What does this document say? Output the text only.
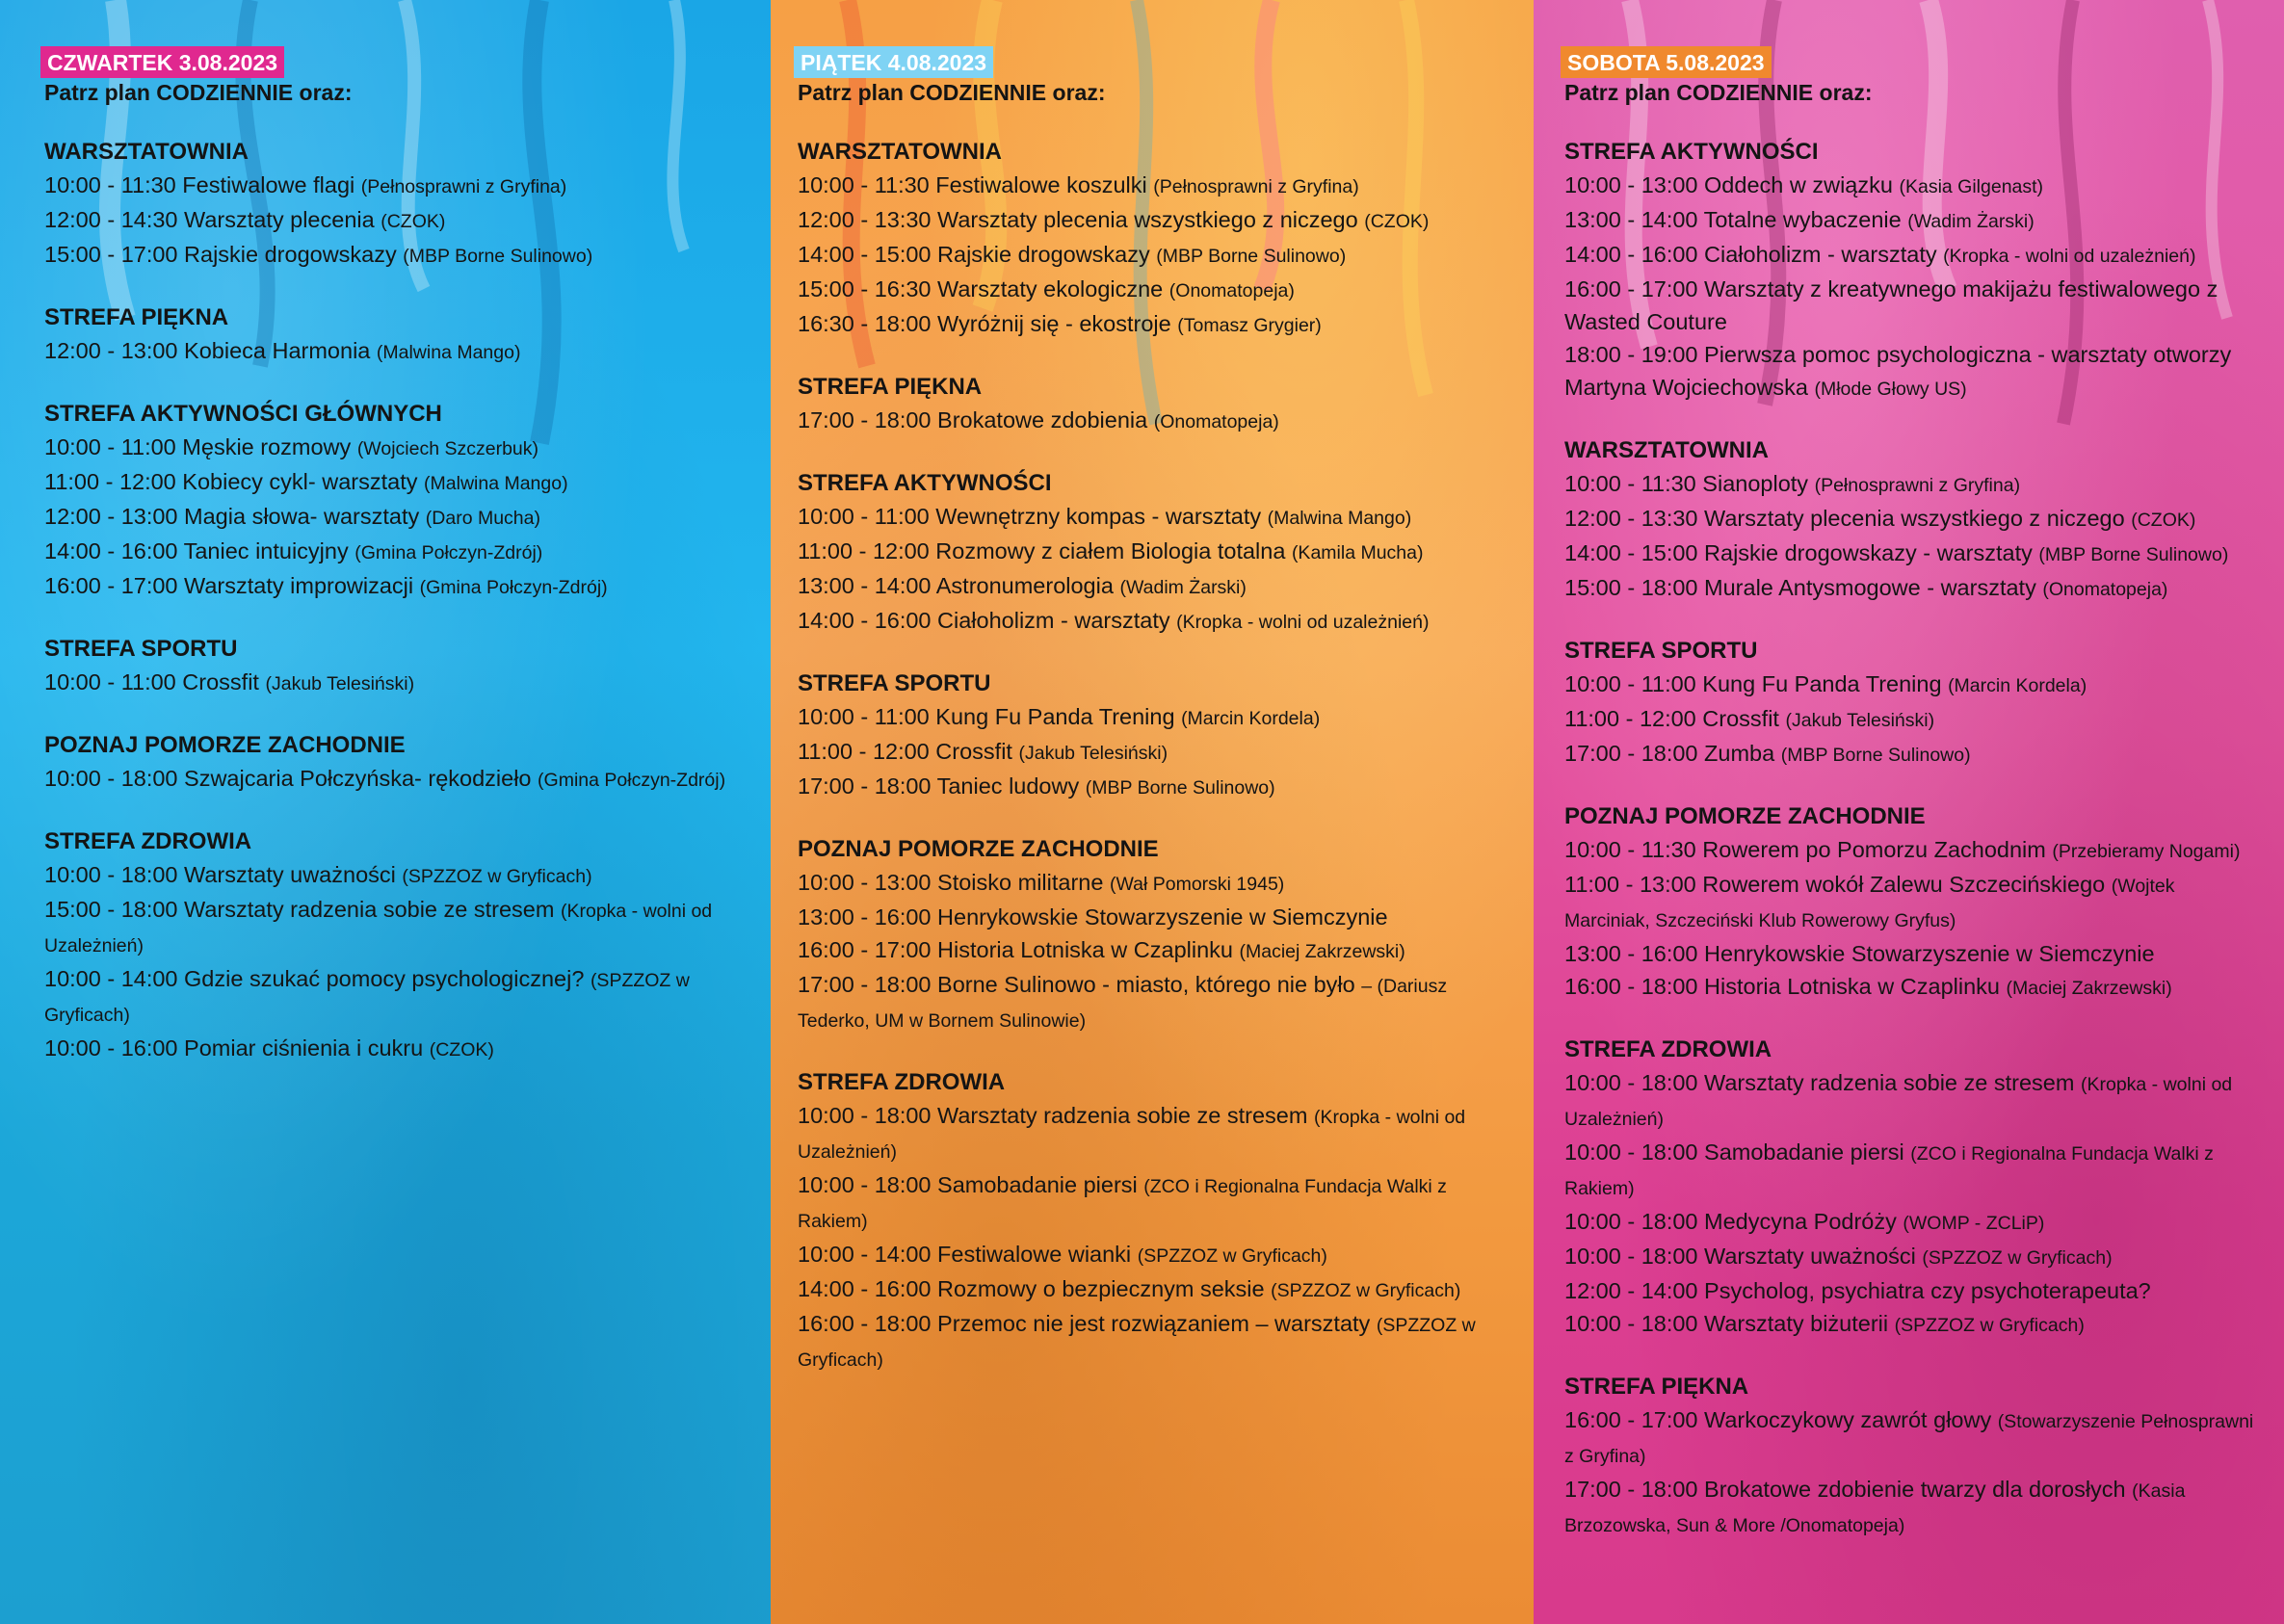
CZWARTEK 3.08.2023
Patrz plan CODZIENNIE oraz:
WARSZTATOWNIA
10:00 - 11:30 Festiwalowe flagi (Pełnosprawni z Gryfina)
12:00 - 14:30 Warsztaty plecenia (CZOK)
15:00 - 17:00 Rajskie drogowskazy (MBP Borne Sulinowo)
STREFA PIĘKNA
12:00 - 13:00 Kobieca Harmonia (Malwina Mango)
STREFA AKTYWNOŚCI GŁÓWNYCH
10:00 - 11:00 Męskie rozmowy (Wojciech Szczerbuk)
11:00 - 12:00 Kobiecy cykl- warsztaty (Malwina Mango)
12:00 - 13:00 Magia słowa- warsztaty (Daro Mucha)
14:00 - 16:00 Taniec intuicyjny (Gmina Połczyn-Zdrój)
16:00 - 17:00 Warsztaty improwizacji (Gmina Połczyn-Zdrój)
STREFA SPORTU
10:00 - 11:00 Crossfit (Jakub Telesiński)
POZNAJ POMORZE ZACHODNIE
10:00 - 18:00 Szwajcaria Połczyńska- rękodzieło (Gmina Połczyn-Zdrój)
STREFA ZDROWIA
10:00 - 18:00 Warsztaty uważności (SPZZOZ w Gryficach)
15:00 - 18:00 Warsztaty radzenia sobie ze stresem (Kropka - wolni od Uzależnień)
10:00 - 14:00 Gdzie szukać pomocy psychologicznej? (SPZZOZ w Gryficach)
10:00 - 16:00 Pomiar ciśnienia i cukru (CZOK)
PIĄTEK 4.08.2023
Patrz plan CODZIENNIE oraz:
WARSZTATOWNIA
10:00 - 11:30 Festiwalowe koszulki (Pełnosprawni z Gryfina)
12:00 - 13:30 Warsztaty plecenia wszystkiego z niczego (CZOK)
14:00 - 15:00 Rajskie drogowskazy (MBP Borne Sulinowo)
15:00 - 16:30 Warsztaty ekologiczne (Onomatopeja)
16:30 - 18:00 Wyróżnij się - ekostroje (Tomasz Grygier)
STREFA PIĘKNA
17:00 - 18:00 Brokatowe zdobienia (Onomatopeja)
STREFA AKTYWNOŚCI
10:00 - 11:00 Wewnętrzny kompas - warsztaty (Malwina Mango)
11:00 - 12:00 Rozmowy z ciałem Biologia totalna (Kamila Mucha)
13:00 - 14:00 Astronumerologia (Wadim Żarski)
14:00 - 16:00 Ciałoholizm - warsztaty (Kropka - wolni od uzależnień)
STREFA SPORTU
10:00 - 11:00 Kung Fu Panda Trening (Marcin Kordela)
11:00 - 12:00 Crossfit (Jakub Telesiński)
17:00 - 18:00 Taniec ludowy (MBP Borne Sulinowo)
POZNAJ POMORZE ZACHODNIE
10:00 - 13:00 Stoisko militarne (Wał Pomorski 1945)
13:00 - 16:00 Henrykowskie Stowarzyszenie w Siemczynie
16:00 - 17:00 Historia Lotniska w Czaplinku (Maciej Zakrzewski)
17:00 - 18:00 Borne Sulinowo - miasto, którego nie było – (Dariusz Tederko, UM w Bornem Sulinowie)
STREFA ZDROWIA
10:00 - 18:00 Warsztaty radzenia sobie ze stresem (Kropka - wolni od Uzależnień)
10:00 - 18:00 Samobadanie piersi (ZCO i Regionalna Fundacja Walki z Rakiem)
10:00 - 14:00 Festiwalowe wianki (SPZZOZ w Gryficach)
14:00 - 16:00 Rozmowy o bezpiecznym seksie (SPZZOZ w Gryficach)
16:00 - 18:00 Przemoc nie jest rozwiązaniem – warsztaty (SPZZOZ w Gryficach)
SOBOTA 5.08.2023
Patrz plan CODZIENNIE oraz:
STREFA AKTYWNOŚCI
10:00 - 13:00 Oddech w związku (Kasia Gilgenast)
13:00 - 14:00 Totalne wybaczenie (Wadim Żarski)
14:00 - 16:00 Ciałoholizm - warsztaty (Kropka - wolni od uzależnień)
16:00 - 17:00 Warsztaty z kreatywnego makijażu festiwalowego z Wasted Couture
18:00 - 19:00 Pierwsza pomoc psychologiczna - warsztaty otworzy Martyna Wojciechowska (Młode Głowy US)
WARSZTATOWNIA
10:00 - 11:30 Sianoploty (Pełnosprawni z Gryfina)
12:00 - 13:30 Warsztaty plecenia wszystkiego z niczego (CZOK)
14:00 - 15:00 Rajskie drogowskazy - warsztaty (MBP Borne Sulinowo)
15:00 - 18:00 Murale Antysmogowe - warsztaty (Onomatopeja)
STREFA SPORTU
10:00 - 11:00 Kung Fu Panda Trening (Marcin Kordela)
11:00 - 12:00 Crossfit (Jakub Telesiński)
17:00 - 18:00 Zumba (MBP Borne Sulinowo)
POZNAJ POMORZE ZACHODNIE
10:00 - 11:30 Rowerem po Pomorzu Zachodnim (Przebieramy Nogami)
11:00 - 13:00 Rowerem wokół Zalewu Szczecińskiego (Wojtek Marciniak, Szczeciński Klub Rowerowy Gryfus)
13:00 - 16:00 Henrykowskie Stowarzyszenie w Siemczynie
16:00 - 18:00 Historia Lotniska w Czaplinku (Maciej Zakrzewski)
STREFA ZDROWIA
10:00 - 18:00 Warsztaty radzenia sobie ze stresem (Kropka - wolni od Uzależnień)
10:00 - 18:00 Samobadanie piersi (ZCO i Regionalna Fundacja Walki z Rakiem)
10:00 - 18:00 Medycyna Podróży (WOMP - ZCLiP)
10:00 - 18:00 Warsztaty uważności (SPZZOZ w Gryficach)
12:00 - 14:00 Psycholog, psychiatra czy psychoterapeuta?
10:00 - 18:00 Warsztaty biżuterii (SPZZOZ w Gryficach)
STREFA PIĘKNA
16:00 - 17:00 Warkoczykowy zawrót głowy (Stowarzyszenie Pełnosprawni z Gryfina)
17:00 - 18:00 Brokatowe zdobienie twarzy dla dorosłych (Kasia Brzozowska, Sun & More /Onomatopeja)
